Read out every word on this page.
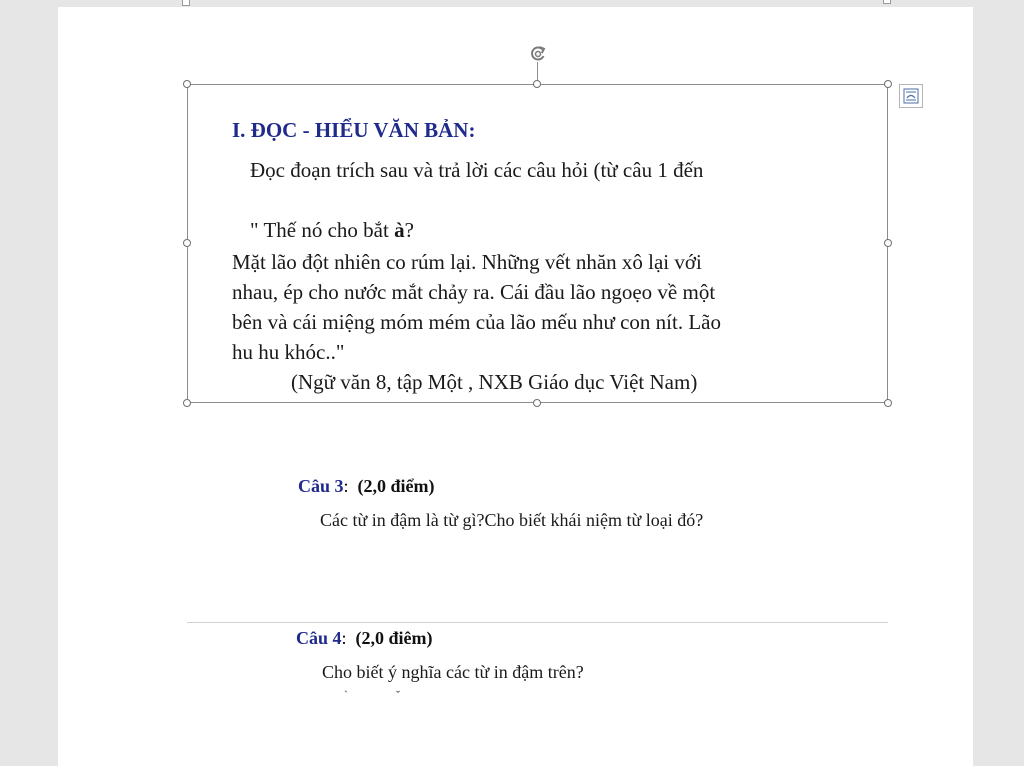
I. ĐỌC - HIỂU VĂN BẢN:
Đọc đoạn trích sau và trả lời các câu hỏi (từ câu 1 đến
" Thế nó cho bắt à?
Mặt lão đột nhiên co rúm lại. Những vết nhăn xô lại với
nhau, ép cho nước mắt chảy ra. Cái đầu lão ngoẹo về một
bên và cái miệng móm mém của lão mếu như con nít. Lão
hu hu khóc.."
(Ngữ văn 8, tập Một , NXB Giáo dục Việt Nam)
Câu 3: (2,0 điểm)
Các từ in đậm là từ gì?Cho biết khái niệm từ loại đó?
Câu 4: (2,0 điêm)
Cho biết ý nghĩa các từ in đậm trên?
`	ˇ
